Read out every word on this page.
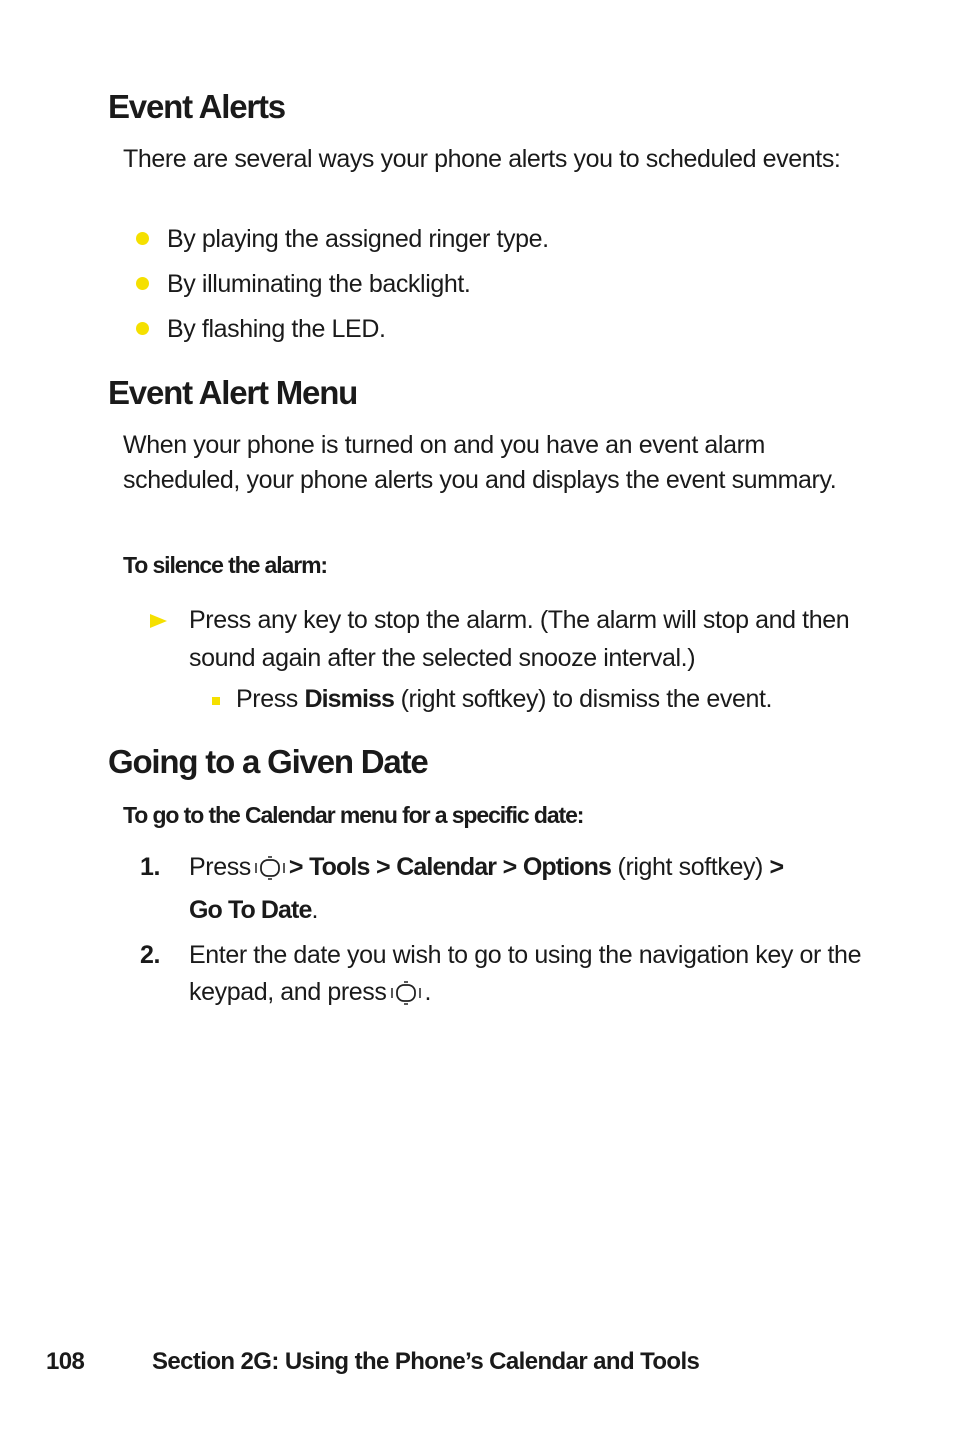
Event Alerts

There are several ways your phone alerts you to scheduled events:

By playing the assigned ringer type.
By illuminating the backlight.
By flashing the LED.
Event Alert Menu

When your phone is turned on and you have an event alarm scheduled, your phone alerts you and displays the event summary.

To silence the alarm:

Press any key to stop the alarm. (The alarm will stop and then sound again after the selected snooze interval.)
Press Dismiss (right softkey) to dismiss the event.
Going to a Given Date

To go to the Calendar menu for a specific date:

1. Press > Tools > Calendar > Options (right softkey) >
Go To Date.
2. Enter the date you wish to go to using the navigation key or the keypad, and press .
108	Section 2G: Using the Phone’s Calendar and Tools
